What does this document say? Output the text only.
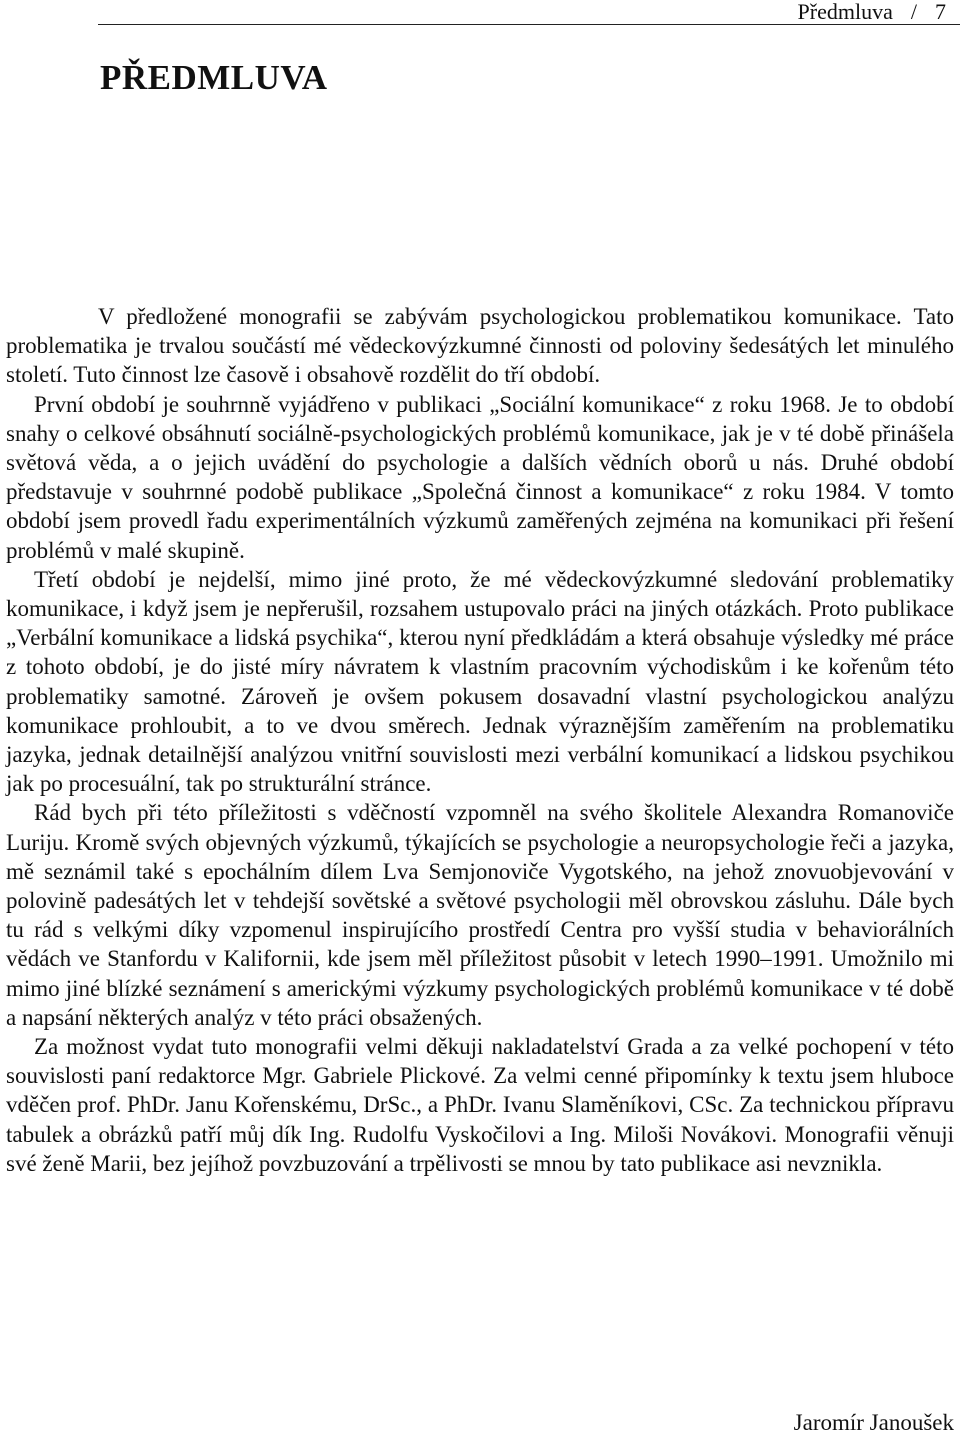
Předmluva / 7
PŘEDMLUVA

V předložené monografii se zabývám psychologickou problematikou komunikace. Tato problematika je trvalou součástí mé vědeckovýzkumné činnosti od poloviny šedesátých let minulého století. Tuto činnost lze časově i obsahově rozdělit do tří období.

První období je souhrnně vyjádřeno v publikaci „Sociální komunikace“ z roku 1968. Je to období snahy o celkové obsáhnutí sociálně-psychologických problémů komunikace, jak je v té době přinášela světová věda, a o jejich uvádění do psychologie a dalších vědních oborů u nás. Druhé období představuje v souhrnné podobě publikace „Společná činnost a komunikace“ z roku 1984. V tomto období jsem provedl řadu experimentálních výzkumů zaměřených zejména na komunikaci při řešení problémů v malé skupině.

Třetí období je nejdelší, mimo jiné proto, že mé vědeckovýzkumné sledování problematiky komunikace, i když jsem je nepřerušil, rozsahem ustupovalo práci na jiných otázkách. Proto publikace „Verbální komunikace a lidská psychika“, kterou nyní předkládám a která obsahuje výsledky mé práce z tohoto období, je do jisté míry návratem k vlastním pracovním východiskům i ke kořenům této problematiky samotné. Zároveň je ovšem pokusem dosavadní vlastní psychologickou analýzu komunikace prohloubit, a to ve dvou směrech. Jednak výraznějším zaměřením na problematiku jazyka, jednak detailnější analýzou vnitřní souvislosti mezi verbální komunikací a lidskou psychikou jak po procesuální, tak po strukturální stránce.

Rád bych při této příležitosti s vděčností vzpomněl na svého školitele Alexandra Romanoviče Luriju. Kromě svých objevných výzkumů, týkajících se psychologie a neuropsychologie řeči a jazyka, mě seznámil také s epochálním dílem Lva Semjonoviče Vygotského, na jehož znovuobjevování v polovině padesátých let v tehdejší sovětské a světové psychologii měl obrovskou zásluhu. Dále bych tu rád s velkými díky vzpomenul inspirujícího prostředí Centra pro vyšší studia v behaviorálních vědách ve Stanfordu v Kalifornii, kde jsem měl příležitost působit v letech 1990–1991. Umožnilo mi mimo jiné blízké seznámení s americkými výzkumy psychologických problémů komunikace v té době a napsání některých analýz v této práci obsažených.

Za možnost vydat tuto monografii velmi děkuji nakladatelství Grada a za velké pochopení v této souvislosti paní redaktorce Mgr. Gabriele Plickové. Za velmi cenné připomínky k textu jsem hluboce vděčen prof. PhDr. Janu Kořenskému, DrSc., a PhDr. Ivanu Slaměníkovi, CSc. Za technickou přípravu tabulek a obrázků patří můj dík Ing. Rudolfu Vyskočilovi a Ing. Miloši Novákovi. Monografii věnuji své ženě Marii, bez jejíhož povzbuzování a trpělivosti se mnou by tato publikace asi nevznikla.

Jaromír Janoušek
